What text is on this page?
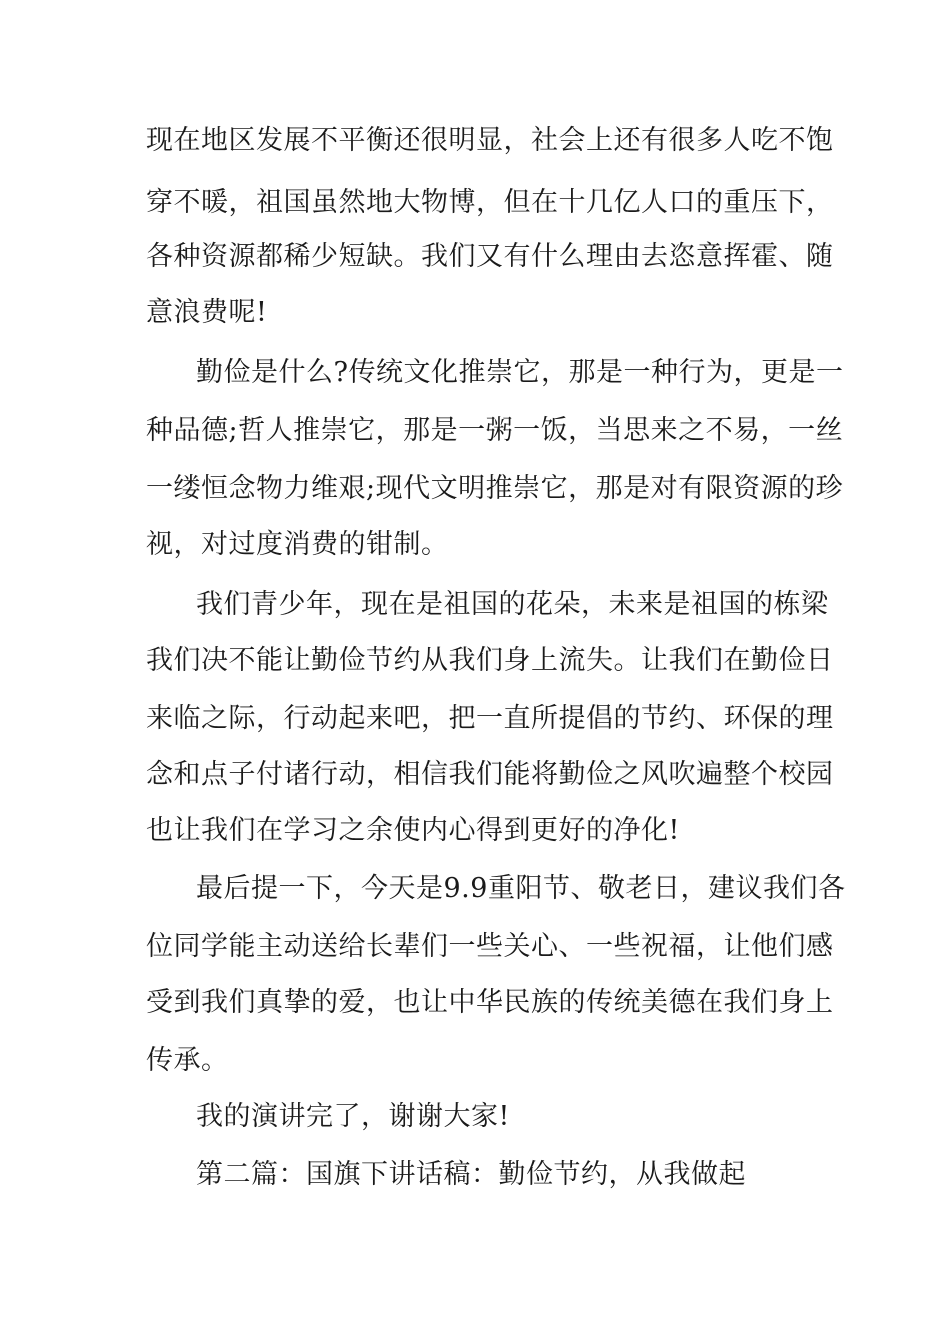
现在地区发展不平衡还很明显，社会上还有很多人吃不饱
穿不暖，祖国虽然地大物博，但在十几亿人口的重压下，
各种资源都稀少短缺。我们又有什么理由去恣意挥霍、随
意浪费呢!
勤俭是什么?传统文化推崇它，那是一种行为，更是一
种品德;哲人推崇它，那是一粥一饭，当思来之不易，一丝
一缕恒念物力维艰;现代文明推崇它，那是对有限资源的珍
视，对过度消费的钳制。
我们青少年，现在是祖国的花朵，未来是祖国的栋梁
我们决不能让勤俭节约从我们身上流失。让我们在勤俭日
来临之际，行动起来吧，把一直所提倡的节约、环保的理
念和点子付诸行动，相信我们能将勤俭之风吹遍整个校园
也让我们在学习之余使内心得到更好的净化!
最后提一下，今天是9.9重阳节、敬老日，建议我们各
位同学能主动送给长辈们一些关心、一些祝福，让他们感
受到我们真挚的爱，也让中华民族的传统美德在我们身上
传承。
我的演讲完了，谢谢大家!
第二篇：国旗下讲话稿：勤俭节约，从我做起
